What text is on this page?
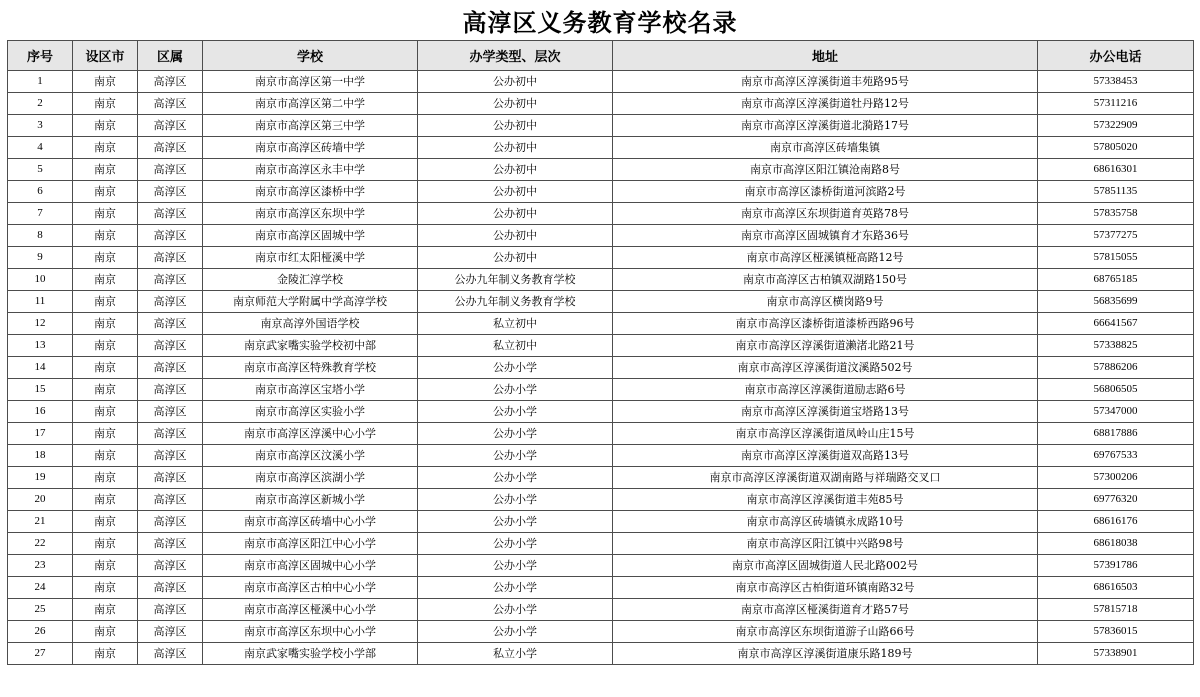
高淳区义务教育学校名录
序号	设区市	区属	学校	办学类型、层次	地址	办公电话
1	南京	高淳区	南京市高淳区第一中学	公办初中	南京市高淳区淳溪街道丰苑路95号	57338453
2	南京	高淳区	南京市高淳区第二中学	公办初中	南京市高淳区淳溪街道牡丹路12号	57311216
3	南京	高淳区	南京市高淳区第三中学	公办初中	南京市高淳区淳溪街道北漪路17号	57322909
4	南京	高淳区	南京市高淳区砖墙中学	公办初中	南京市高淳区砖墙集镇	57805020
5	南京	高淳区	南京市高淳区永丰中学	公办初中	南京市高淳区阳江镇沧南路8号	68616301
6	南京	高淳区	南京市高淳区漆桥中学	公办初中	南京市高淳区漆桥街道河滨路2号	57851135
7	南京	高淳区	南京市高淳区东坝中学	公办初中	南京市高淳区东坝街道育英路78号	57835758
8	南京	高淳区	南京市高淳区固城中学	公办初中	南京市高淳区固城镇育才东路36号	57377275
9	南京	高淳区	南京市红太阳桠溪中学	公办初中	南京市高淳区桠溪镇桠高路12号	57815055
10	南京	高淳区	金陵汇淳学校	公办九年制义务教育学校	南京市高淳区古柏镇双湖路150号	68765185
11	南京	高淳区	南京师范大学附属中学高淳学校	公办九年制义务教育学校	南京市高淳区横岗路9号	56835699
12	南京	高淳区	南京高淳外国语学校	私立初中	南京市高淳区漆桥街道漆桥西路96号	66641567
13	南京	高淳区	南京武家嘴实验学校初中部	私立初中	南京市高淳区淳溪街道濑渚北路21号	57338825
14	南京	高淳区	南京市高淳区特殊教育学校	公办小学	南京市高淳区淳溪街道汶溪路502号	57886206
15	南京	高淳区	南京市高淳区宝塔小学	公办小学	南京市高淳区淳溪街道励志路6号	56806505
16	南京	高淳区	南京市高淳区实验小学	公办小学	南京市高淳区淳溪街道宝塔路13号	57347000
17	南京	高淳区	南京市高淳区淳溪中心小学	公办小学	南京市高淳区淳溪街道凤岭山庄15号	68817886
18	南京	高淳区	南京市高淳区汶溪小学	公办小学	南京市高淳区淳溪街道双高路13号	69767533
19	南京	高淳区	南京市高淳区滨湖小学	公办小学	南京市高淳区淳溪街道双湖南路与祥瑞路交叉口	57300206
20	南京	高淳区	南京市高淳区新城小学	公办小学	南京市高淳区淳溪街道丰苑85号	69776320
21	南京	高淳区	南京市高淳区砖墙中心小学	公办小学	南京市高淳区砖墙镇永成路10号	68616176
22	南京	高淳区	南京市高淳区阳江中心小学	公办小学	南京市高淳区阳江镇中兴路98号	68618038
23	南京	高淳区	南京市高淳区固城中心小学	公办小学	南京市高淳区固城街道人民北路002号	57391786
24	南京	高淳区	南京市高淳区古柏中心小学	公办小学	南京市高淳区古柏街道环镇南路32号	68616503
25	南京	高淳区	南京市高淳区桠溪中心小学	公办小学	南京市高淳区桠溪街道育才路57号	57815718
26	南京	高淳区	南京市高淳区东坝中心小学	公办小学	南京市高淳区东坝街道游子山路66号	57836015
27	南京	高淳区	南京武家嘴实验学校小学部	私立小学	南京市高淳区淳溪街道康乐路189号	57338901
